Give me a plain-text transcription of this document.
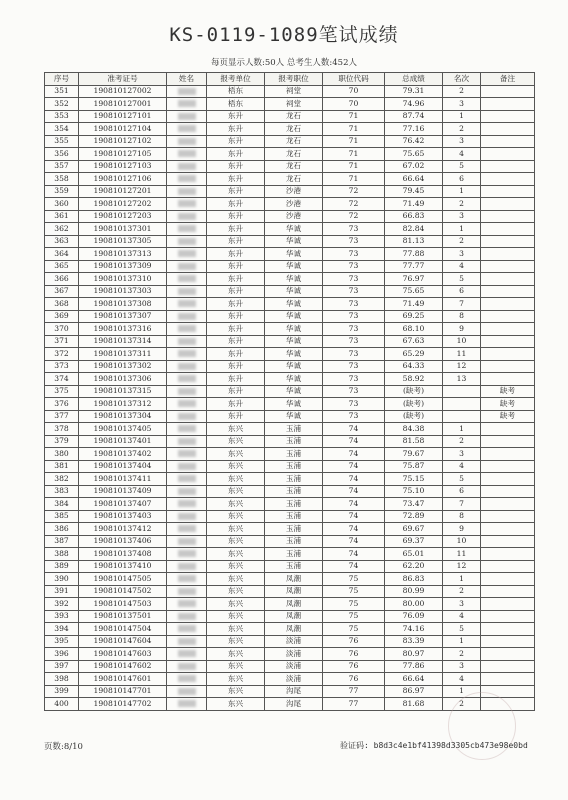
KS-0119-1089笔试成绩
每页显示人数:50人 总考生人数:452人
序号	准考证号	姓名	报考单位	报考职位	职位代码	总成绩	名次	备注
351	190810127002		梧东	祠堂	70	79.31	2	
352	190810127001		梧东	祠堂	70	74.96	3	
353	190810127101		东升	龙石	71	87.74	1	
354	190810127104		东升	龙石	71	77.16	2	
355	190810127102		东升	龙石	71	76.42	3	
356	190810127105		东升	龙石	71	75.65	4	
357	190810127103		东升	龙石	71	67.02	5	
358	190810127106		东升	龙石	71	66.64	6	
359	190810127201		东升	沙港	72	79.45	1	
360	190810127202		东升	沙港	72	71.49	2	
361	190810127203		东升	沙港	72	66.83	3	
362	190810137301		东升	华诚	73	82.84	1	
363	190810137305		东升	华诚	73	81.13	2	
364	190810137313		东升	华诚	73	77.88	3	
365	190810137309		东升	华诚	73	77.77	4	
366	190810137310		东升	华诚	73	76.97	5	
367	190810137303		东升	华诚	73	75.65	6	
368	190810137308		东升	华诚	73	71.49	7	
369	190810137307		东升	华诚	73	69.25	8	
370	190810137316		东升	华诚	73	68.10	9	
371	190810137314		东升	华诚	73	67.63	10	
372	190810137311		东升	华诚	73	65.29	11	
373	190810137302		东升	华诚	73	64.33	12	
374	190810137306		东升	华诚	73	58.92	13	
375	190810137315		东升	华诚	73	(缺考)		缺考
376	190810137312		东升	华诚	73	(缺考)		缺考
377	190810137304		东升	华诚	73	(缺考)		缺考
378	190810137405		东兴	玉浦	74	84.38	1	
379	190810137401		东兴	玉浦	74	81.58	2	
380	190810137402		东兴	玉浦	74	79.67	3	
381	190810137404		东兴	玉浦	74	75.87	4	
382	190810137411		东兴	玉浦	74	75.15	5	
383	190810137409		东兴	玉浦	74	75.10	6	
384	190810137407		东兴	玉浦	74	73.47	7	
385	190810137403		东兴	玉浦	74	72.89	8	
386	190810137412		东兴	玉浦	74	69.67	9	
387	190810137406		东兴	玉浦	74	69.37	10	
388	190810137408		东兴	玉浦	74	65.01	11	
389	190810137410		东兴	玉浦	74	62.20	12	
390	190810147505		东兴	凤潮	75	86.83	1	
391	190810147502		东兴	凤潮	75	80.99	2	
392	190810147503		东兴	凤潮	75	80.00	3	
393	190810137501		东兴	凤潮	75	76.09	4	
394	190810147504		东兴	凤潮	75	74.16	5	
395	190810147604		东兴	淡浦	76	83.39	1	
396	190810147603		东兴	淡浦	76	80.97	2	
397	190810147602		东兴	淡浦	76	77.86	3	
398	190810147601		东兴	淡浦	76	66.64	4	
399	190810147701		东兴	沟尾	77	86.97	1	
400	190810147702		东兴	沟尾	77	81.68	2	
页数:8/10	验证码: b8d3c4e1bf41398d3305cb473e98e0bd
